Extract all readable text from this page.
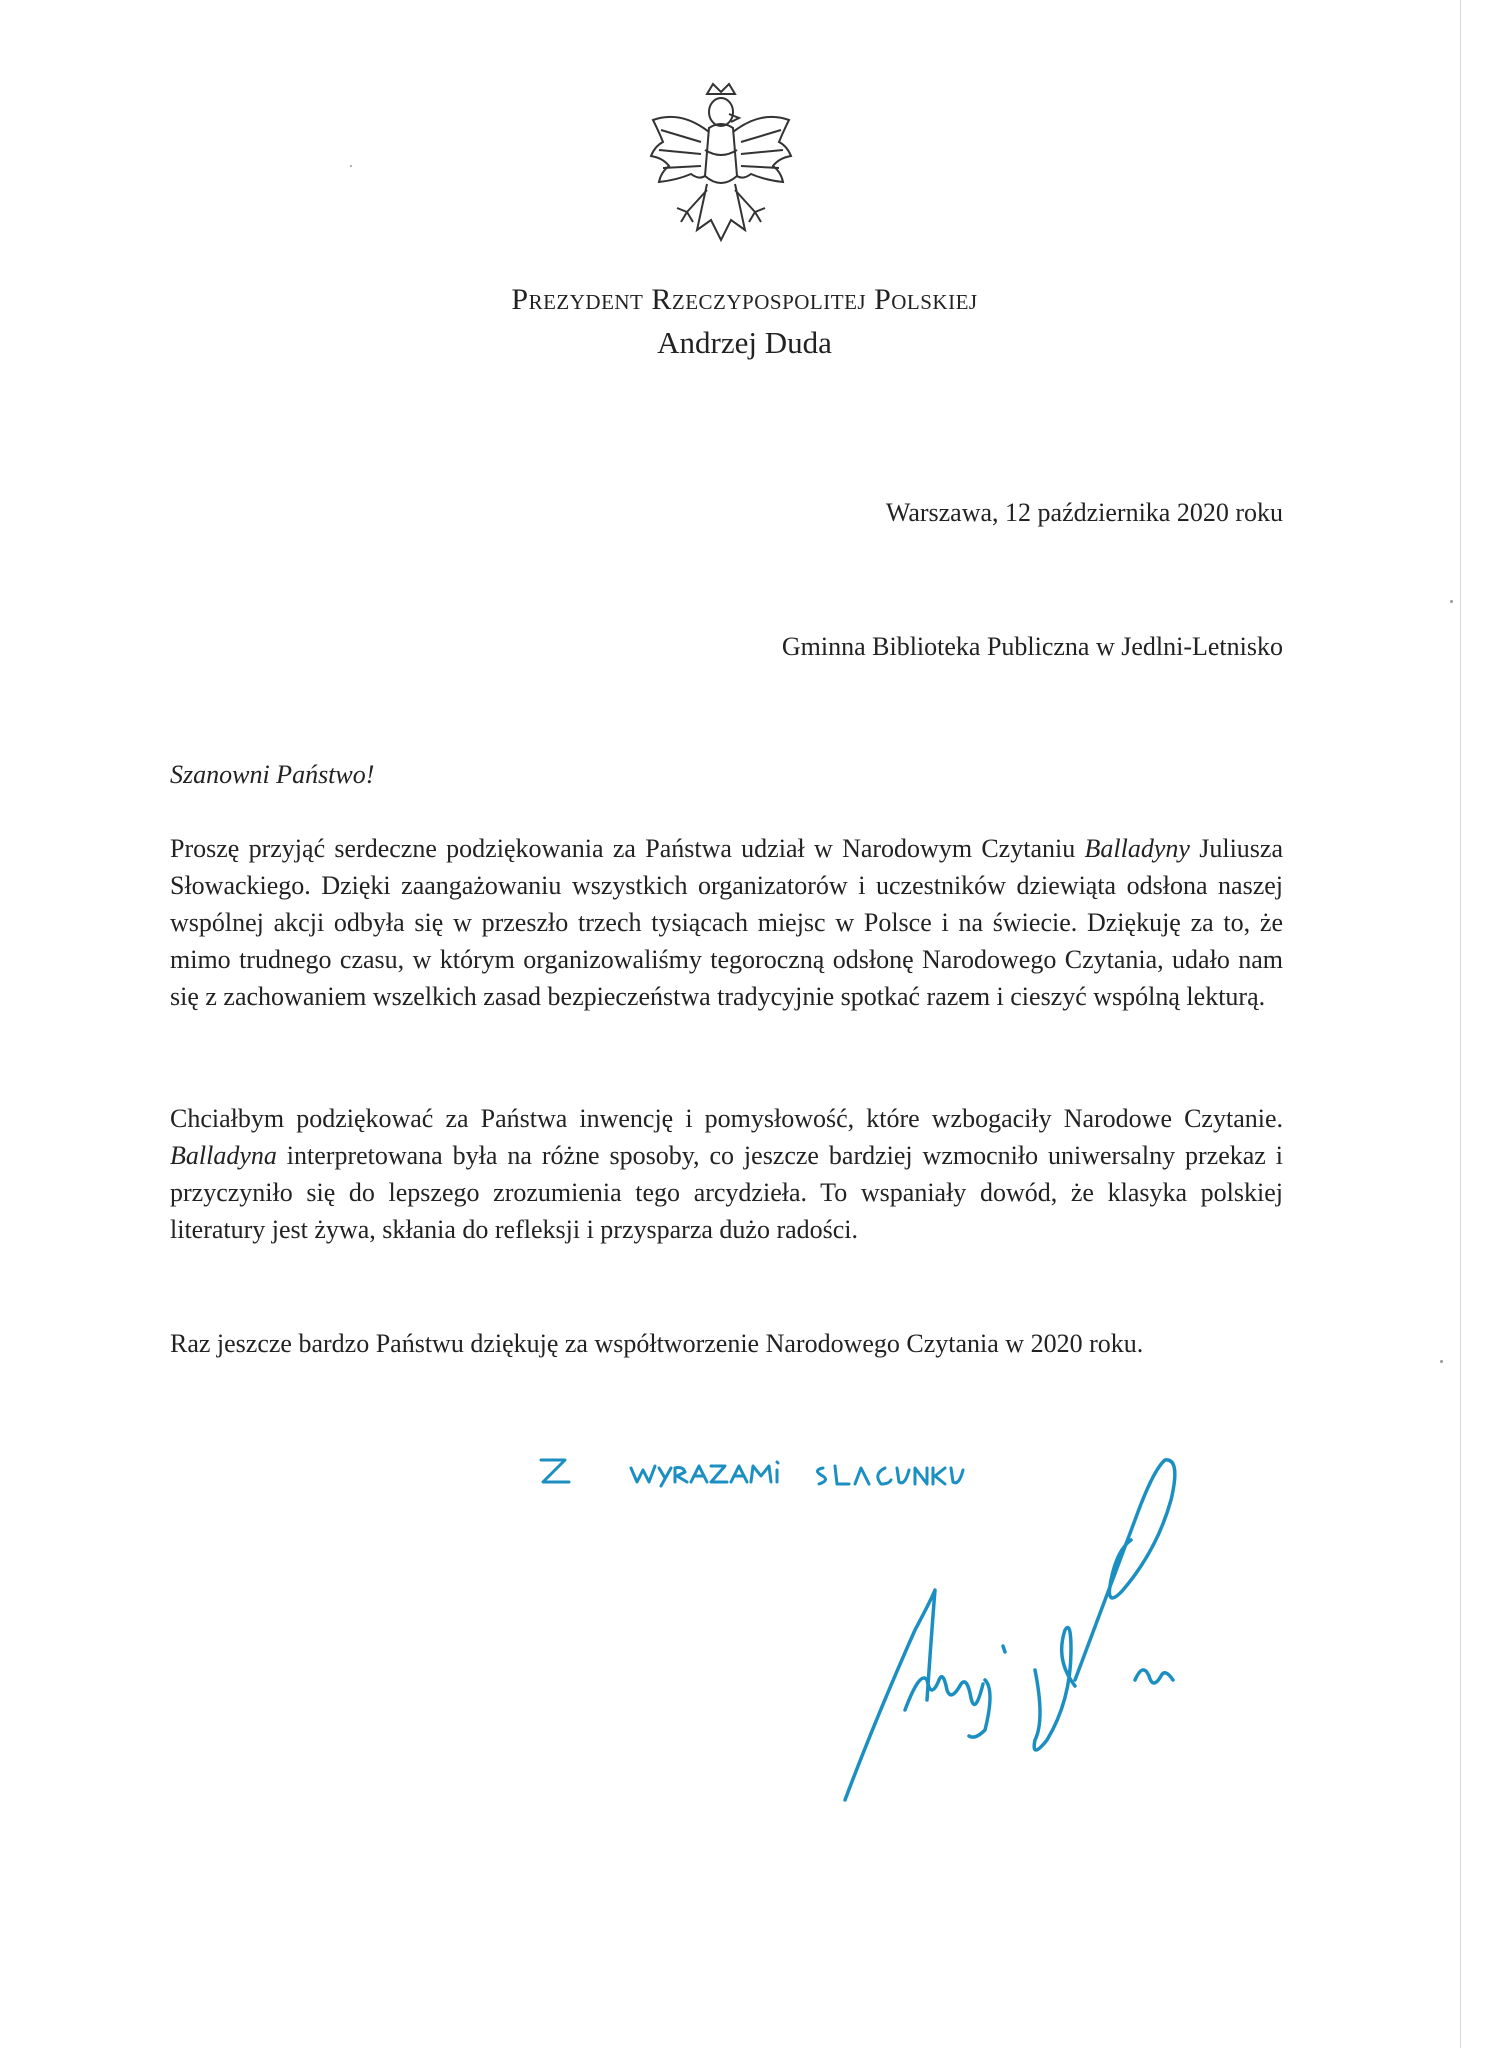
Prezydent Rzeczypospolitej Polskiej
Andrzej Duda
Warszawa, 12 października 2020 roku
Gminna Biblioteka Publiczna w Jedlni-Letnisko
Szanowni Państwo!

Proszę przyjąć serdeczne podziękowania za Państwa udział w Narodowym Czytaniu Balladyny Juliusza Słowackiego. Dzięki zaangażowaniu wszystkich organizatorów i uczestników dziewiąta odsłona naszej wspólnej akcji odbyła się w przeszło trzech tysiącach miejsc w Polsce i na świecie. Dziękuję za to, że mimo trudnego czasu, w którym organizowaliśmy tegoroczną odsłonę Narodowego Czytania, udało nam się z zachowaniem wszelkich zasad bezpieczeństwa tradycyjnie spotkać razem i cieszyć wspólną lekturą.

Chciałbym podziękować za Państwa inwencję i pomysłowość, które wzbogaciły Narodowe Czytanie. Balladyna interpretowana była na różne sposoby, co jeszcze bardziej wzmocniło uniwersalny przekaz i przyczyniło się do lepszego zrozumienia tego arcydzieła. To wspaniały dowód, że klasyka polskiej literatury jest żywa, skłania do refleksji i przysparza dużo radości.

Raz jeszcze bardzo Państwu dziękuję za współtworzenie Narodowego Czytania w 2020 roku.
